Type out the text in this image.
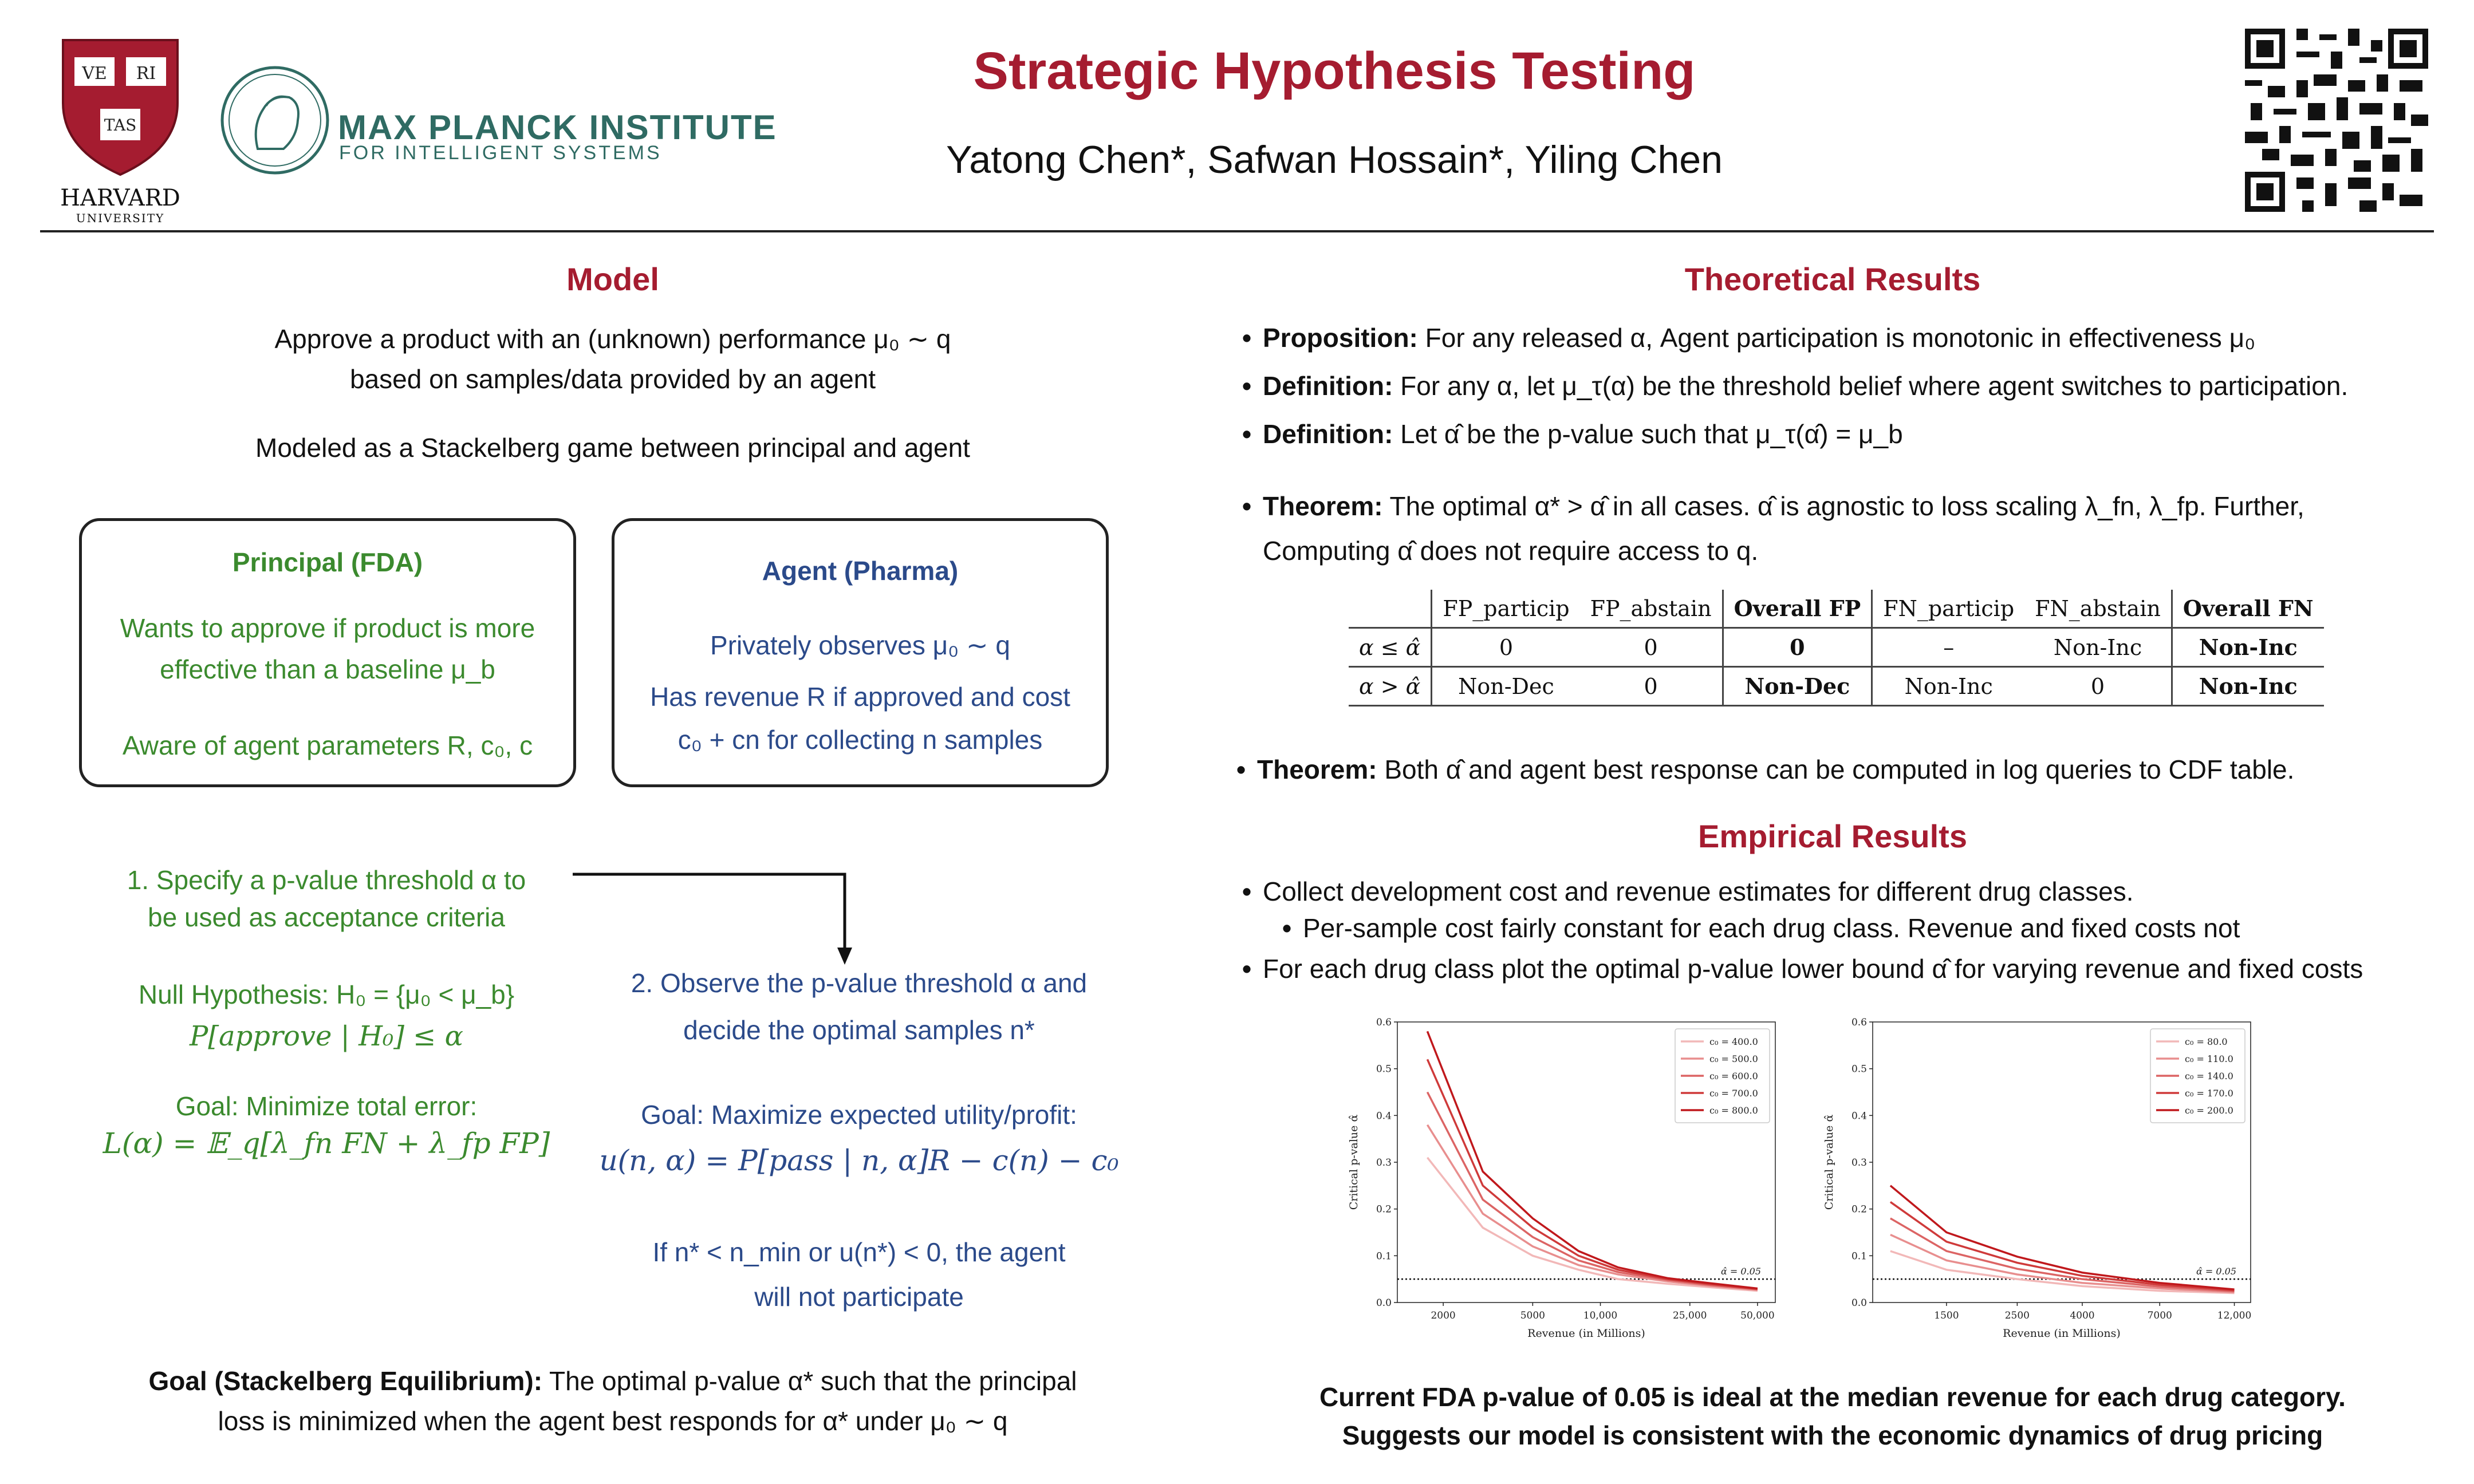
VE RI
TAS
HARVARD
UNIVERSITY
MAX PLANCK INSTITUTE
FOR INTELLIGENT SYSTEMS
Strategic Hypothesis Testing
Yatong Chen*, Safwan Hossain*, Yiling Chen
Model
Approve a product with an (unknown) performance μ₀ ∼ q
based on samples/data provided by an agent
Modeled as a Stackelberg game between principal and agent
Principal (FDA)
Wants to approve if product is more
effective than a baseline μ_b
Aware of agent parameters R, c₀, c
Agent (Pharma)
Privately observes μ₀ ∼ q
Has revenue R if approved and cost
c₀ + cn for collecting n samples
1. Specify a p-value threshold α to
be used as acceptance criteria
Null Hypothesis: H₀ = {μ₀ < μ_b}
P[approve | H₀] ≤ α
Goal: Minimize total error:
L(α) = 𝔼_q[λ_fn FN + λ_fp FP]
2. Observe the p-value threshold α and
decide the optimal samples n*
Goal: Maximize expected utility/profit:
u(n, α) = P[pass | n, α]R − c(n) − c₀
If n* < n_min or u(n*) < 0, the agent
will not participate
Goal (Stackelberg Equilibrium): The optimal p-value α* such that the principal
loss is minimized when the agent best responds for α* under μ₀ ∼ q
Theoretical Results
• Proposition: For any released α, Agent participation is monotonic in effectiveness μ₀
• Definition: For any α, let μ_τ(α) be the threshold belief where agent switches to participation.
• Definition: Let α̂ be the p-value such that μ_τ(α̂) = μ_b
• Theorem: The optimal α* > α̂ in all cases. α̂ is agnostic to loss scaling λ_fn, λ_fp. Further,
Computing α̂ does not require access to q.
	FP_particip	FP_abstain	Overall FP	FN_particip	FN_abstain	Overall FN
α ≤ α̂	0	0	0	–	Non-Inc	Non-Inc
α > α̂	Non-Dec	0	Non-Dec	Non-Inc	0	Non-Inc
• Theorem: Both α̂ and agent best response can be computed in log queries to CDF table.
Empirical Results
• Collect development cost and revenue estimates for different drug classes.
• Per-sample cost fairly constant for each drug class. Revenue and fixed costs not
• For each drug class plot the optimal p-value lower bound α̂ for varying revenue and fixed costs
0.0
0.1
0.2
0.3
0.4
0.5
0.6
2000	5000	10,000	25,000	50,000
Revenue (in Millions)
Critical p-value α̂
α̂ = 0.05
c₀ = 400.0
c₀ = 500.0
c₀ = 600.0
c₀ = 700.0
c₀ = 800.0
0.0
0.1
0.2
0.3
0.4
0.5
0.6
1500	2500	4000	7000	12,000
Revenue (in Millions)
Critical p-value α̂
α̂ = 0.05
c₀ = 80.0
c₀ = 110.0
c₀ = 140.0
c₀ = 170.0
c₀ = 200.0
Current FDA p-value of 0.05 is ideal at the median revenue for each drug category.
Suggests our model is consistent with the economic dynamics of drug pricing
